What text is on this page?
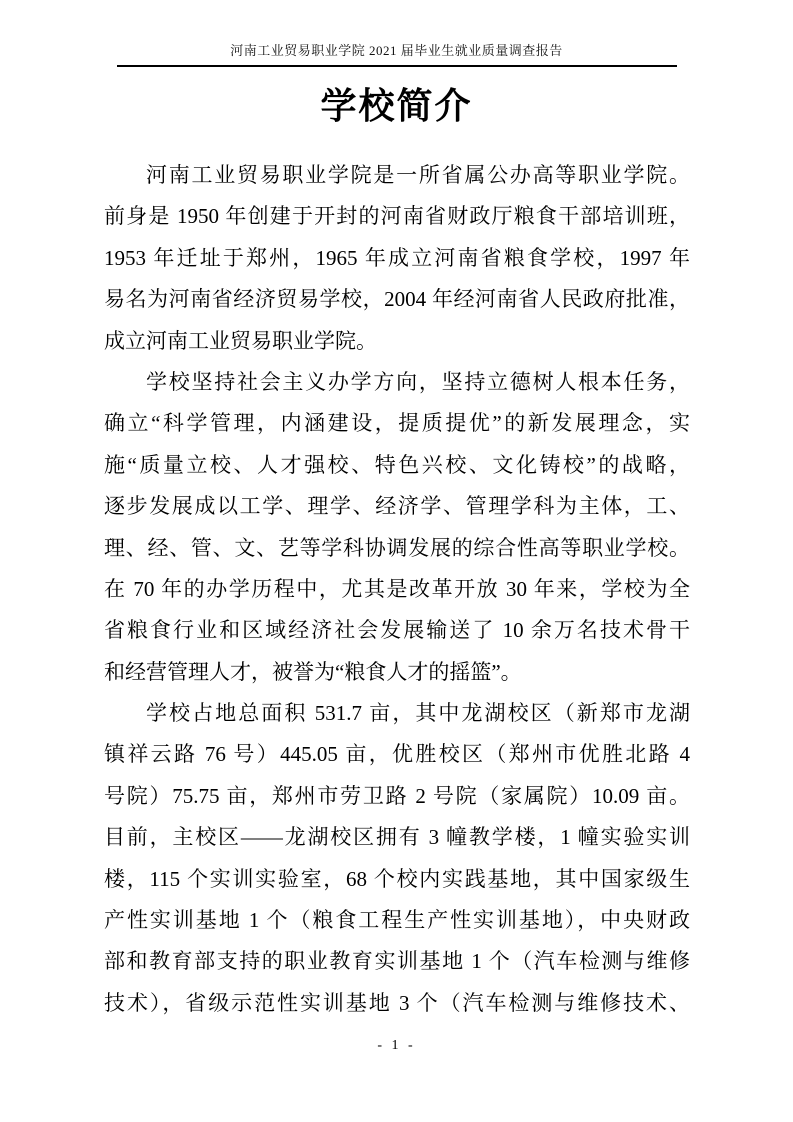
河南工业贸易职业学院 2021 届毕业生就业质量调查报告
学校简介
河南工业贸易职业学院是一所省属公办高等职业学院。
前身是 1950 年创建于开封的河南省财政厅粮食干部培训班，
1953 年迁址于郑州，1965 年成立河南省粮食学校，1997 年
易名为河南省经济贸易学校，2004 年经河南省人民政府批准，
成立河南工业贸易职业学院。
学校坚持社会主义办学方向，坚持立德树人根本任务，
确立“科学管理，内涵建设，提质提优”的新发展理念，实
施“质量立校、人才强校、特色兴校、文化铸校”的战略，
逐步发展成以工学、理学、经济学、管理学科为主体，工、
理、经、管、文、艺等学科协调发展的综合性高等职业学校。
在 70 年的办学历程中，尤其是改革开放 30 年来，学校为全
省粮食行业和区域经济社会发展输送了 10 余万名技术骨干
和经营管理人才，被誉为“粮食人才的摇篮”。
学校占地总面积 531.7 亩，其中龙湖校区（新郑市龙湖
镇祥云路 76 号）445.05 亩，优胜校区（郑州市优胜北路 4
号院）75.75 亩，郑州市劳卫路 2 号院（家属院）10.09 亩。
目前，主校区——龙湖校区拥有 3 幢教学楼，1 幢实验实训
楼，115 个实训实验室，68 个校内实践基地，其中国家级生
产性实训基地 1 个（粮食工程生产性实训基地），中央财政
部和教育部支持的职业教育实训基地 1 个（汽车检测与维修
技术），省级示范性实训基地 3 个（汽车检测与维修技术、
- 1 -
